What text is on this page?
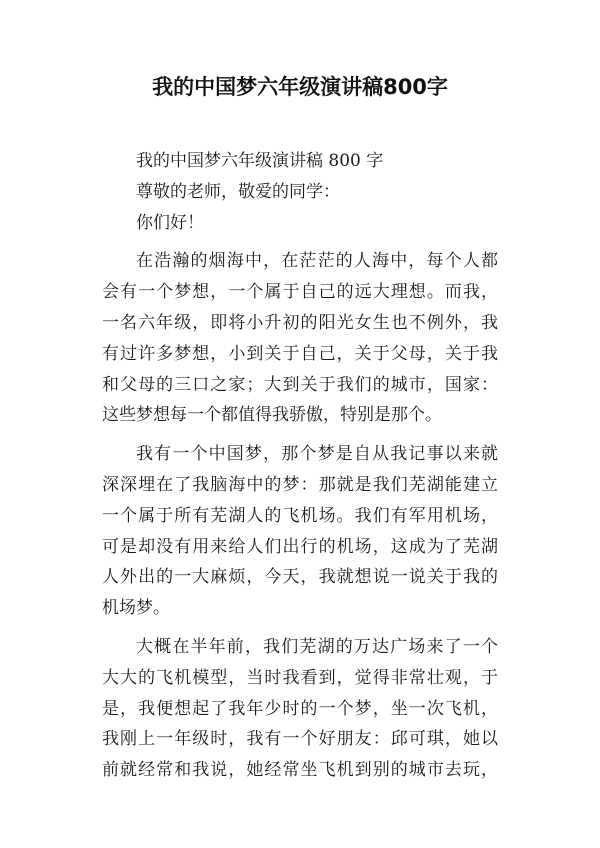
我的中国梦六年级演讲稿800字
我的中国梦六年级演讲稿 800 字
尊敬的老师，敬爱的同学：
你们好！
在浩瀚的烟海中，在茫茫的人海中，每个人都
会有一个梦想，一个属于自己的远大理想。而我，
一名六年级，即将小升初的阳光女生也不例外，我
有过许多梦想，小到关于自己，关于父母，关于我
和父母的三口之家；大到关于我们的城市，国家：
这些梦想每一个都值得我骄傲，特别是那个。
我有一个中国梦，那个梦是自从我记事以来就
深深埋在了我脑海中的梦：那就是我们芜湖能建立
一个属于所有芜湖人的飞机场。我们有军用机场，
可是却没有用来给人们出行的机场，这成为了芜湖
人外出的一大麻烦，今天，我就想说一说关于我的
机场梦。
大概在半年前，我们芜湖的万达广场来了一个
大大的飞机模型，当时我看到，觉得非常壮观，于
是，我便想起了我年少时的一个梦，坐一次飞机，
我刚上一年级时，我有一个好朋友：邱可琪，她以
前就经常和我说，她经常坐飞机到别的城市去玩，
